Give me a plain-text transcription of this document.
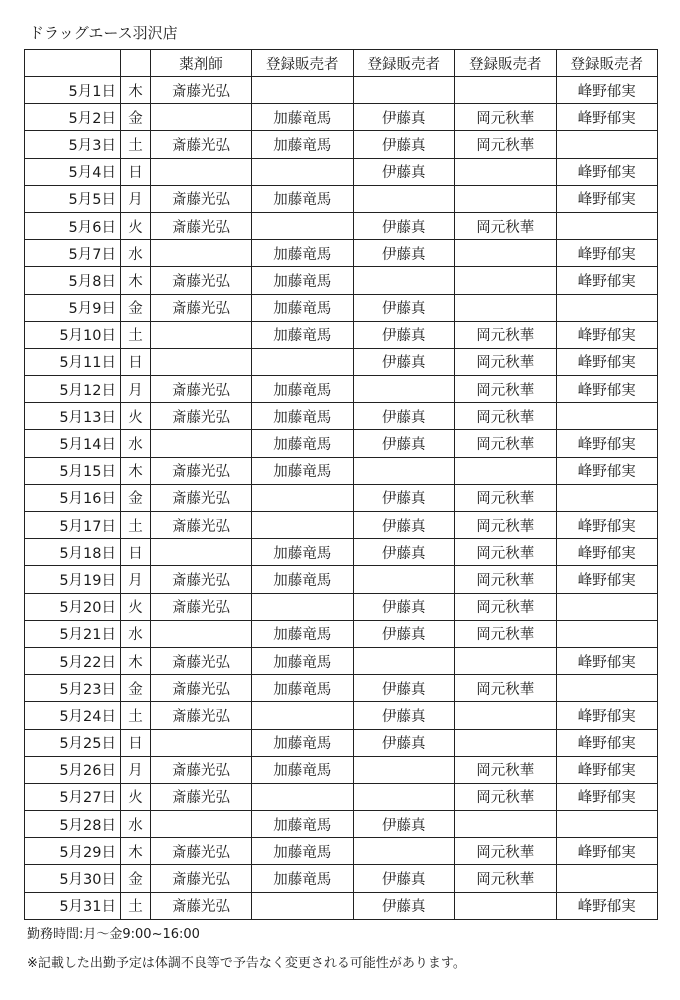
ドラッグエース羽沢店
		薬剤師	登録販売者	登録販売者	登録販売者	登録販売者
5月1日	木	斎藤光弘				峰野郁実
5月2日	金		加藤竜馬	伊藤真	岡元秋華	峰野郁実
5月3日	土	斎藤光弘	加藤竜馬	伊藤真	岡元秋華	
5月4日	日			伊藤真		峰野郁実
5月5日	月	斎藤光弘	加藤竜馬			峰野郁実
5月6日	火	斎藤光弘		伊藤真	岡元秋華	
5月7日	水		加藤竜馬	伊藤真		峰野郁実
5月8日	木	斎藤光弘	加藤竜馬			峰野郁実
5月9日	金	斎藤光弘	加藤竜馬	伊藤真		
5月10日	土		加藤竜馬	伊藤真	岡元秋華	峰野郁実
5月11日	日			伊藤真	岡元秋華	峰野郁実
5月12日	月	斎藤光弘	加藤竜馬		岡元秋華	峰野郁実
5月13日	火	斎藤光弘	加藤竜馬	伊藤真	岡元秋華	
5月14日	水		加藤竜馬	伊藤真	岡元秋華	峰野郁実
5月15日	木	斎藤光弘	加藤竜馬			峰野郁実
5月16日	金	斎藤光弘		伊藤真	岡元秋華	
5月17日	土	斎藤光弘		伊藤真	岡元秋華	峰野郁実
5月18日	日		加藤竜馬	伊藤真	岡元秋華	峰野郁実
5月19日	月	斎藤光弘	加藤竜馬		岡元秋華	峰野郁実
5月20日	火	斎藤光弘		伊藤真	岡元秋華	
5月21日	水		加藤竜馬	伊藤真	岡元秋華	
5月22日	木	斎藤光弘	加藤竜馬			峰野郁実
5月23日	金	斎藤光弘	加藤竜馬	伊藤真	岡元秋華	
5月24日	土	斎藤光弘		伊藤真		峰野郁実
5月25日	日		加藤竜馬	伊藤真		峰野郁実
5月26日	月	斎藤光弘	加藤竜馬		岡元秋華	峰野郁実
5月27日	火	斎藤光弘			岡元秋華	峰野郁実
5月28日	水		加藤竜馬	伊藤真		
5月29日	木	斎藤光弘	加藤竜馬		岡元秋華	峰野郁実
5月30日	金	斎藤光弘	加藤竜馬	伊藤真	岡元秋華	
5月31日	土	斎藤光弘		伊藤真		峰野郁実
勤務時間:月〜金9:00~16:00
※記載した出勤予定は体調不良等で予告なく変更される可能性があります。
